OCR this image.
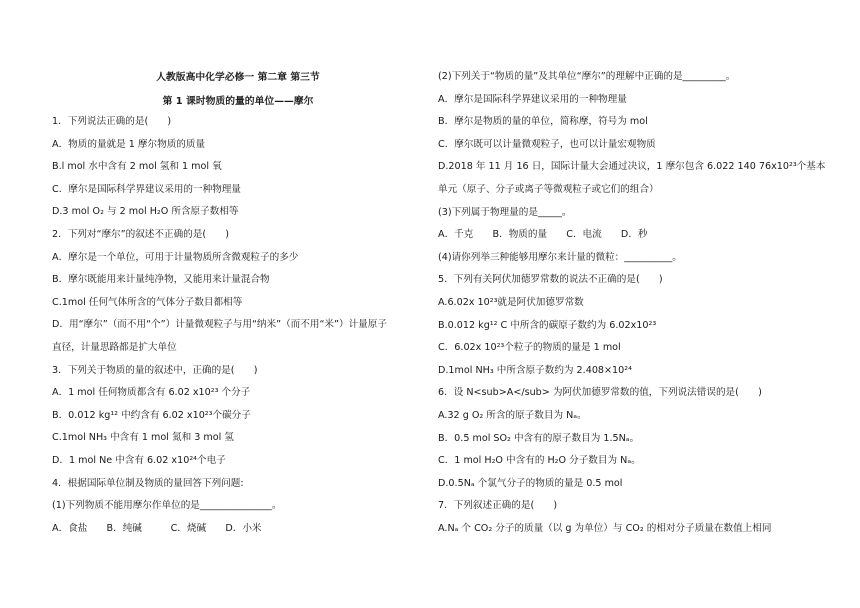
人教版高中化学必修一 第二章 第三节
第 1 课时物质的量的单位——摩尔
1．下列说法正确的是(　　)
A．物质的量就是 1 摩尔物质的质量
B.l mol 水中含有 2 mol 氢和 1 mol 氧
C．摩尔是国际科学界建议采用的一种物理量
D.3 mol O₂ 与 2 mol H₂O 所含原子数相等
2．下列对“摩尔”的叙述不正确的是(　　)
A．摩尔是一个单位，可用于计量物质所含微观粒子的多少
B．摩尔既能用来计量纯净物，又能用来计量混合物
C.1mol 任何气体所含的气体分子数目都相等
D．用“摩尔”（而不用“个”）计量微观粒子与用“纳米”（而不用“米”）计量原子
直径，计量思路都是扩大单位
3．下列关于物质的量的叙述中，正确的是(　　)
A．1 mol 任何物质都含有 6.02 x10²³ 个分子
B．0.012 kg¹² 中约含有 6.02 x10²³个碳分子
C.1mol NH₃ 中含有 1 mol 氮和 3 mol 氢
D．1 mol Ne 中含有 6.02 x10²⁴个电子
4．根据国际单位制及物质的量回答下列问题:
(1)下列物质不能用摩尔作单位的是_______________。
A．食盐　　B．纯碱　　　C．烧碱　　D．小米
(2)下列关于“物质的量”及其单位“摩尔”的理解中正确的是_________。
A．摩尔是国际科学界建议采用的一种物理量
B．摩尔是物质的量的单位，简称摩，符号为 mol
C．摩尔既可以计量微观粒子，也可以计量宏观物质
D.2018 年 11 月 16 日，国际计量大会通过决议，1 摩尔包含 6.022 140 76x10²³个基本
单元（原子、分子或离子等微观粒子或它们的组合）
(3)下列属于物理量的是_____。
A．千克　　B．物质的量　　C．电流　　D．秒
(4)请你列举三种能够用摩尔来计量的微粒：__________。
5．下列有关阿伏加德罗常数的说法不正确的是(　　)
A.6.02x 10²³就是阿伏加德罗常数
B.0.012 kg¹² C 中所含的碳原子数约为 6.02x10²³
C．6.02x 10²³个粒子的物质的量是 1 mol
D.1mol NH₃ 中所含原子数约为 2.408×10²⁴
6．设 N<sub>A</sub> 为阿伏加德罗常数的值，下列说法错误的是(　　)
A.32 g O₂ 所含的原子数目为 Nₐ。
B．0.5 mol SO₂ 中含有的原子数目为 1.5Nₐ。
C．1 mol H₂O 中含有的 H₂O 分子数目为 Nₐ。
D.0.5Nₐ 个氯气分子的物质的量是 0.5 mol
7．下列叙述正确的是(　　)
A.Nₐ 个 CO₂ 分子的质量（以 g 为单位）与 CO₂ 的相对分子质量在数值上相同
